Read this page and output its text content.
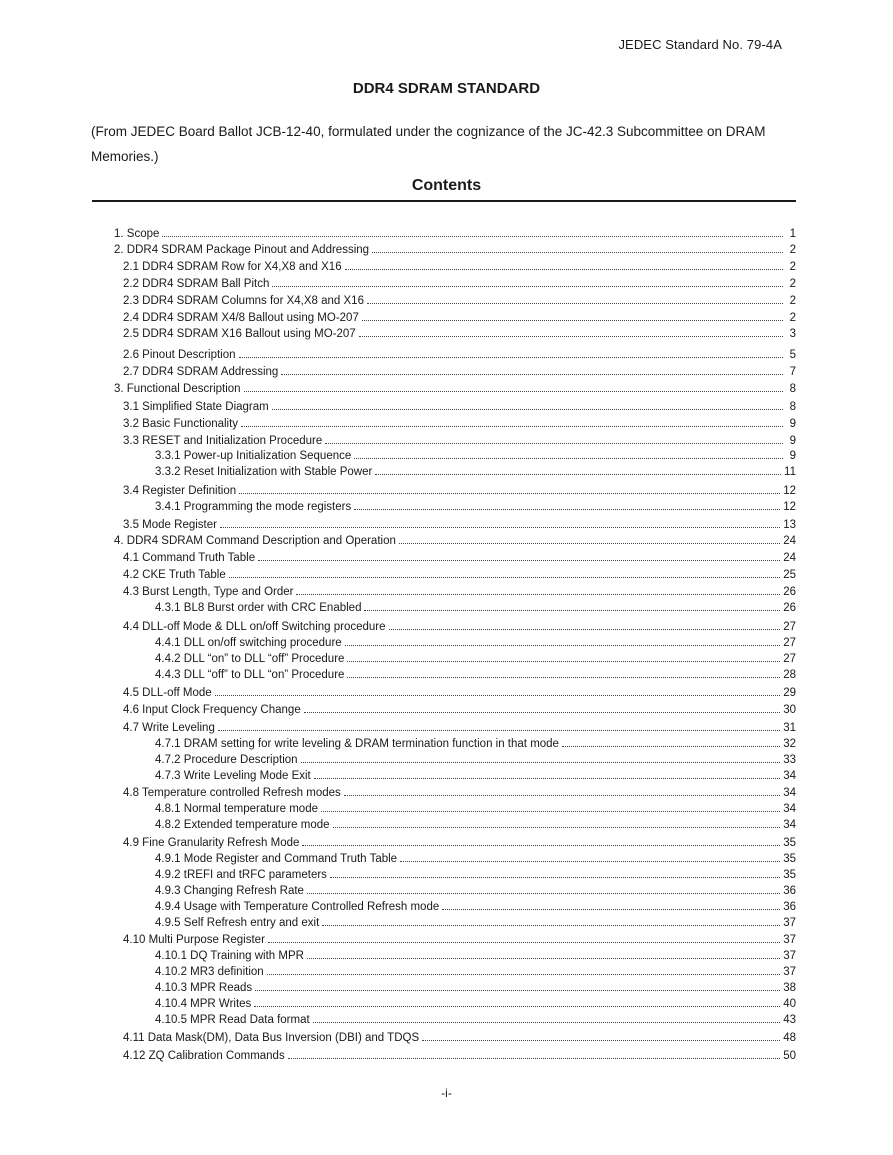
JEDEC Standard No. 79-4A
DDR4 SDRAM STANDARD
(From JEDEC Board Ballot JCB-12-40, formulated under the cognizance of the JC-42.3 Subcommittee on DRAM Memories.)
Contents
1. Scope	1
2. DDR4 SDRAM Package Pinout and Addressing	2
2.1 DDR4 SDRAM Row for X4,X8 and X16	2
2.2 DDR4 SDRAM Ball Pitch	2
2.3 DDR4 SDRAM Columns for X4,X8 and X16	2
2.4 DDR4 SDRAM X4/8 Ballout using MO-207	2
2.5 DDR4 SDRAM X16 Ballout using MO-207	3
2.6 Pinout Description	5
2.7 DDR4 SDRAM Addressing	7
3. Functional Description	8
3.1 Simplified State Diagram	8
3.2 Basic Functionality	9
3.3 RESET and Initialization Procedure	9
3.3.1 Power-up Initialization Sequence	9
3.3.2 Reset Initialization with Stable Power	11
3.4 Register Definition	12
3.4.1 Programming the mode registers	12
3.5 Mode Register	13
4. DDR4 SDRAM Command Description and Operation	24
4.1 Command Truth Table	24
4.2 CKE Truth Table	25
4.3 Burst Length, Type and Order	26
4.3.1 BL8 Burst order with CRC Enabled	26
4.4 DLL-off Mode & DLL on/off Switching procedure	27
4.4.1 DLL on/off switching procedure	27
4.4.2 DLL “on” to DLL “off” Procedure	27
4.4.3 DLL “off” to DLL “on” Procedure	28
4.5 DLL-off Mode	29
4.6 Input Clock Frequency Change	30
4.7 Write Leveling	31
4.7.1 DRAM setting for write leveling & DRAM termination function in that mode	32
4.7.2 Procedure Description	33
4.7.3 Write Leveling Mode Exit	34
4.8 Temperature controlled Refresh modes	34
4.8.1 Normal temperature mode	34
4.8.2 Extended temperature mode	34
4.9 Fine Granularity Refresh Mode	35
4.9.1 Mode Register and Command Truth Table	35
4.9.2 tREFI and tRFC parameters	35
4.9.3 Changing Refresh Rate	36
4.9.4 Usage with Temperature Controlled Refresh mode	36
4.9.5 Self Refresh entry and exit	37
4.10 Multi Purpose Register	37
4.10.1 DQ Training with MPR	37
4.10.2 MR3 definition	37
4.10.3 MPR Reads	38
4.10.4 MPR Writes	40
4.10.5 MPR Read Data format	43
4.11 Data Mask(DM), Data Bus Inversion (DBI) and TDQS	48
4.12 ZQ Calibration Commands	50
-i-
